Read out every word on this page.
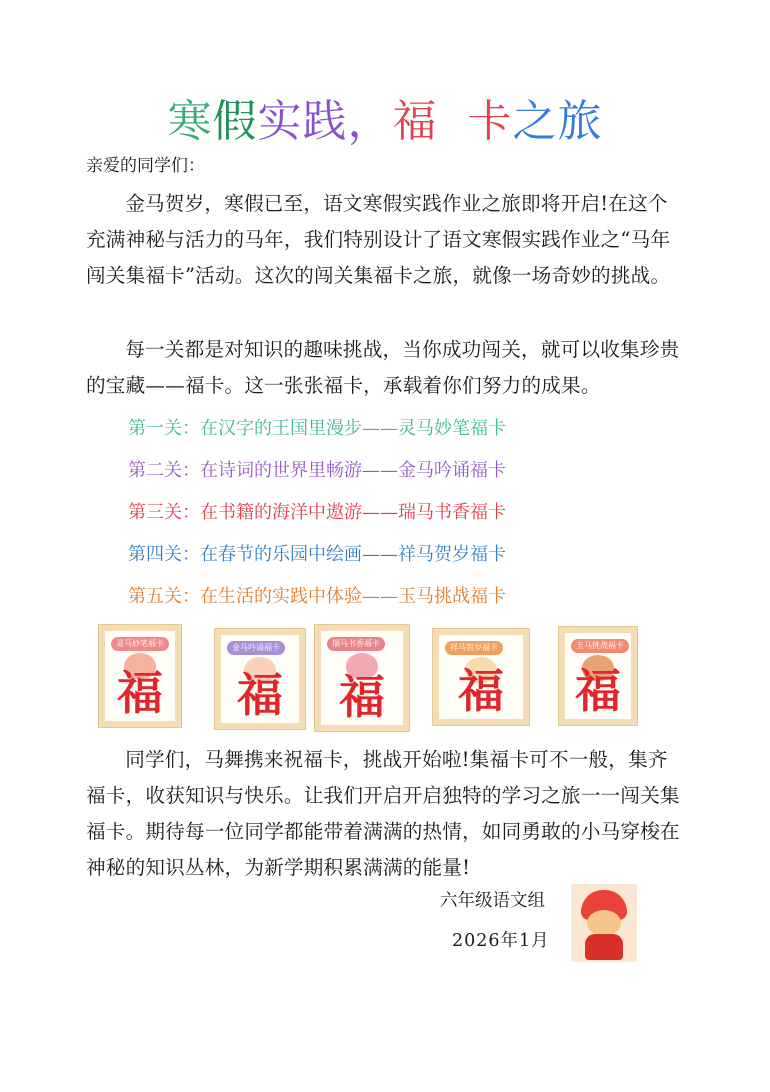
寒假实践，福 卡之旅
亲爱的同学们：

金马贺岁，寒假已至，语文寒假实践作业之旅即将开启!在这个充满神秘与活力的马年，我们特别设计了语文寒假实践作业之“马年闯关集福卡”活动。这次的闯关集福卡之旅，就像一场奇妙的挑战。

每一关都是对知识的趣味挑战，当你成功闯关，就可以收集珍贵的宝藏——福卡。这一张张福卡，承载着你们努力的成果。

第一关：在汉字的王国里漫步——灵马妙笔福卡
第二关：在诗词的世界里畅游——金马吟诵福卡
第三关：在书籍的海洋中遨游——瑞马书香福卡
第四关：在春节的乐园中绘画——祥马贺岁福卡
第五关：在生活的实践中体验——玉马挑战福卡
灵马妙笔福卡
福
金马吟诵福卡
福
瑞马书香福卡
福
祥马贺岁福卡
福
玉马挑战福卡
福

同学们，马舞携来祝福卡，挑战开始啦!集福卡可不一般，集齐福卡，收获知识与快乐。让我们开启开启独特的学习之旅一一闯关集福卡。期待每一位同学都能带着满满的热情，如同勇敢的小马穿梭在神秘的知识丛林，为新学期积累满满的能量!

六年级语文组
2026年1月
